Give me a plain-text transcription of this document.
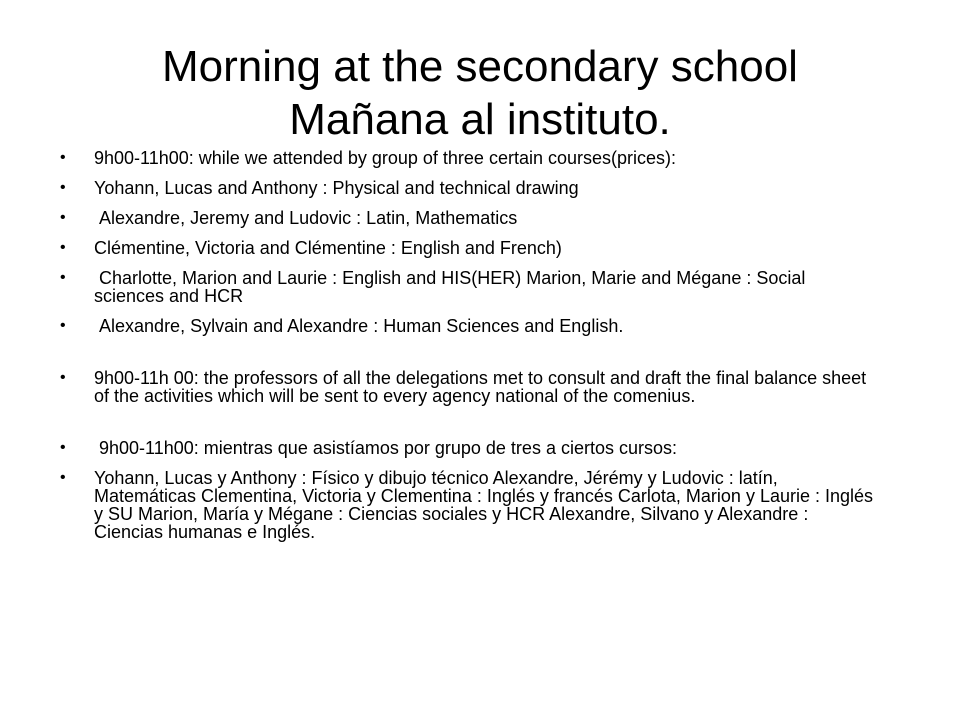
Morning at the secondary school
Mañana al instituto.
• 9h00-11h00: while we attended by group of three certain courses(prices):
• Yohann, Lucas and Anthony : Physical and technical drawing
• Alexandre, Jeremy and Ludovic : Latin, Mathematics
• Clémentine, Victoria and Clémentine : English and French)
• Charlotte, Marion and Laurie : English and HIS(HER) Marion, Marie and Mégane : Social sciences and HCR
• Alexandre, Sylvain and Alexandre : Human Sciences and English.
• 9h00-11h 00: the professors of all the delegations met to consult and draft the final balance sheet of the activities which will be sent to every agency national of the comenius.
• 9h00-11h00: mientras que asistíamos por grupo de tres a ciertos cursos:
• Yohann, Lucas y Anthony : Físico y dibujo técnico Alexandre, Jérémy y Ludovic : latín, Matemáticas Clementina, Victoria y Clementina : Inglés y francés Carlota, Marion y Laurie : Inglés y SU Marion, María y Mégane : Ciencias sociales y HCR Alexandre, Silvano y Alexandre : Ciencias humanas e Inglés.
